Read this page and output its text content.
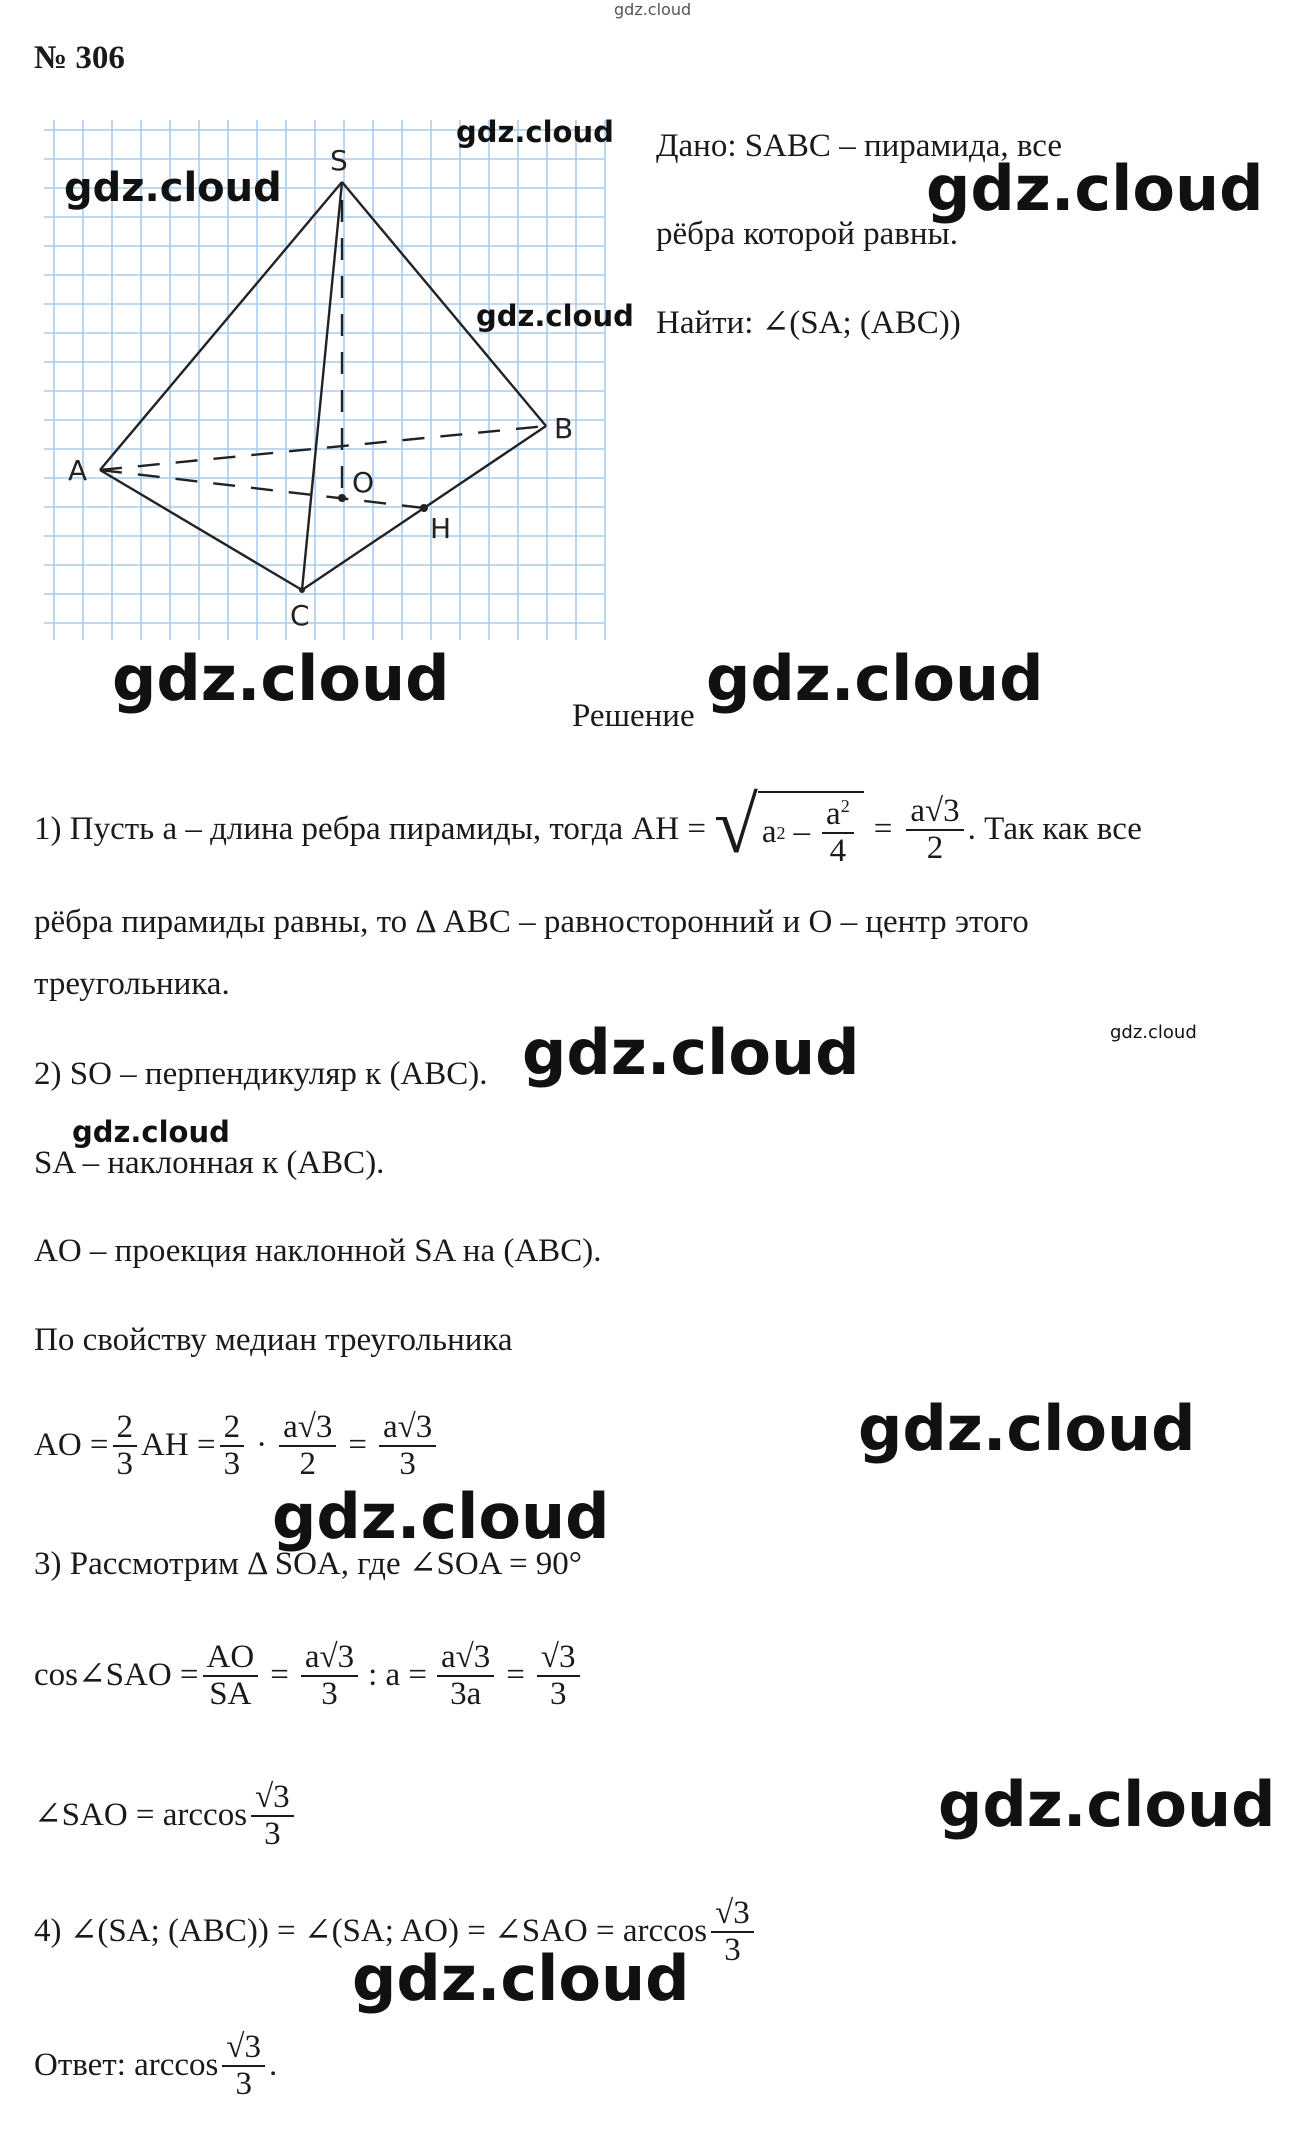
gdz.cloud
№ 306
S
A
B
C
O
H
Дано: SABC – пирамида, все
рёбра которой равны.
Найти: ∠(SA; (ABC))
Решение
1) Пусть a – длина ребра пирамиды, тогда AH = √ a $2 - \frac{a^2}{4} = \frac{a√3}{2}$ . Так как все
рёбра пирамиды равны, то Δ ABC – равносторонний и O – центр этого
треугольника.
2) SO – перпендикуляр к (ABC).
SA – наклонная к (ABC).
AO – проекция наклонной SA на (ABC).
По свойству медиан треугольника
AO = $\frac{2}{3}$ AH = $\frac{2}{3} \cdot \frac{a√3}{2} = \frac{a√3}{3}$
3) Рассмотрим Δ SOA, где ∠SOA = 90°
cos∠SAO = $\frac{AO}{SA} = \frac{a√3}{3}$ : $a = \frac{a√3}{3a} = \frac{√3}{3}$
∠SAO = $\arccos \frac{√3}{3}$
4) ∠(SA; (ABC)) = ∠(SA; AO) = ∠SAO = $\arccos \frac{√3}{3}$
Ответ: $\arccos \frac{√3}{3}$ .
gdz.cloud
gdz.cloud	gdz.cloud
gdz.cloud
gdz.cloud	gdz.cloud
gdz.cloud	gdz.cloud
gdz.cloud
gdz.cloud
gdz.cloud
gdz.cloud
gdz.cloud
